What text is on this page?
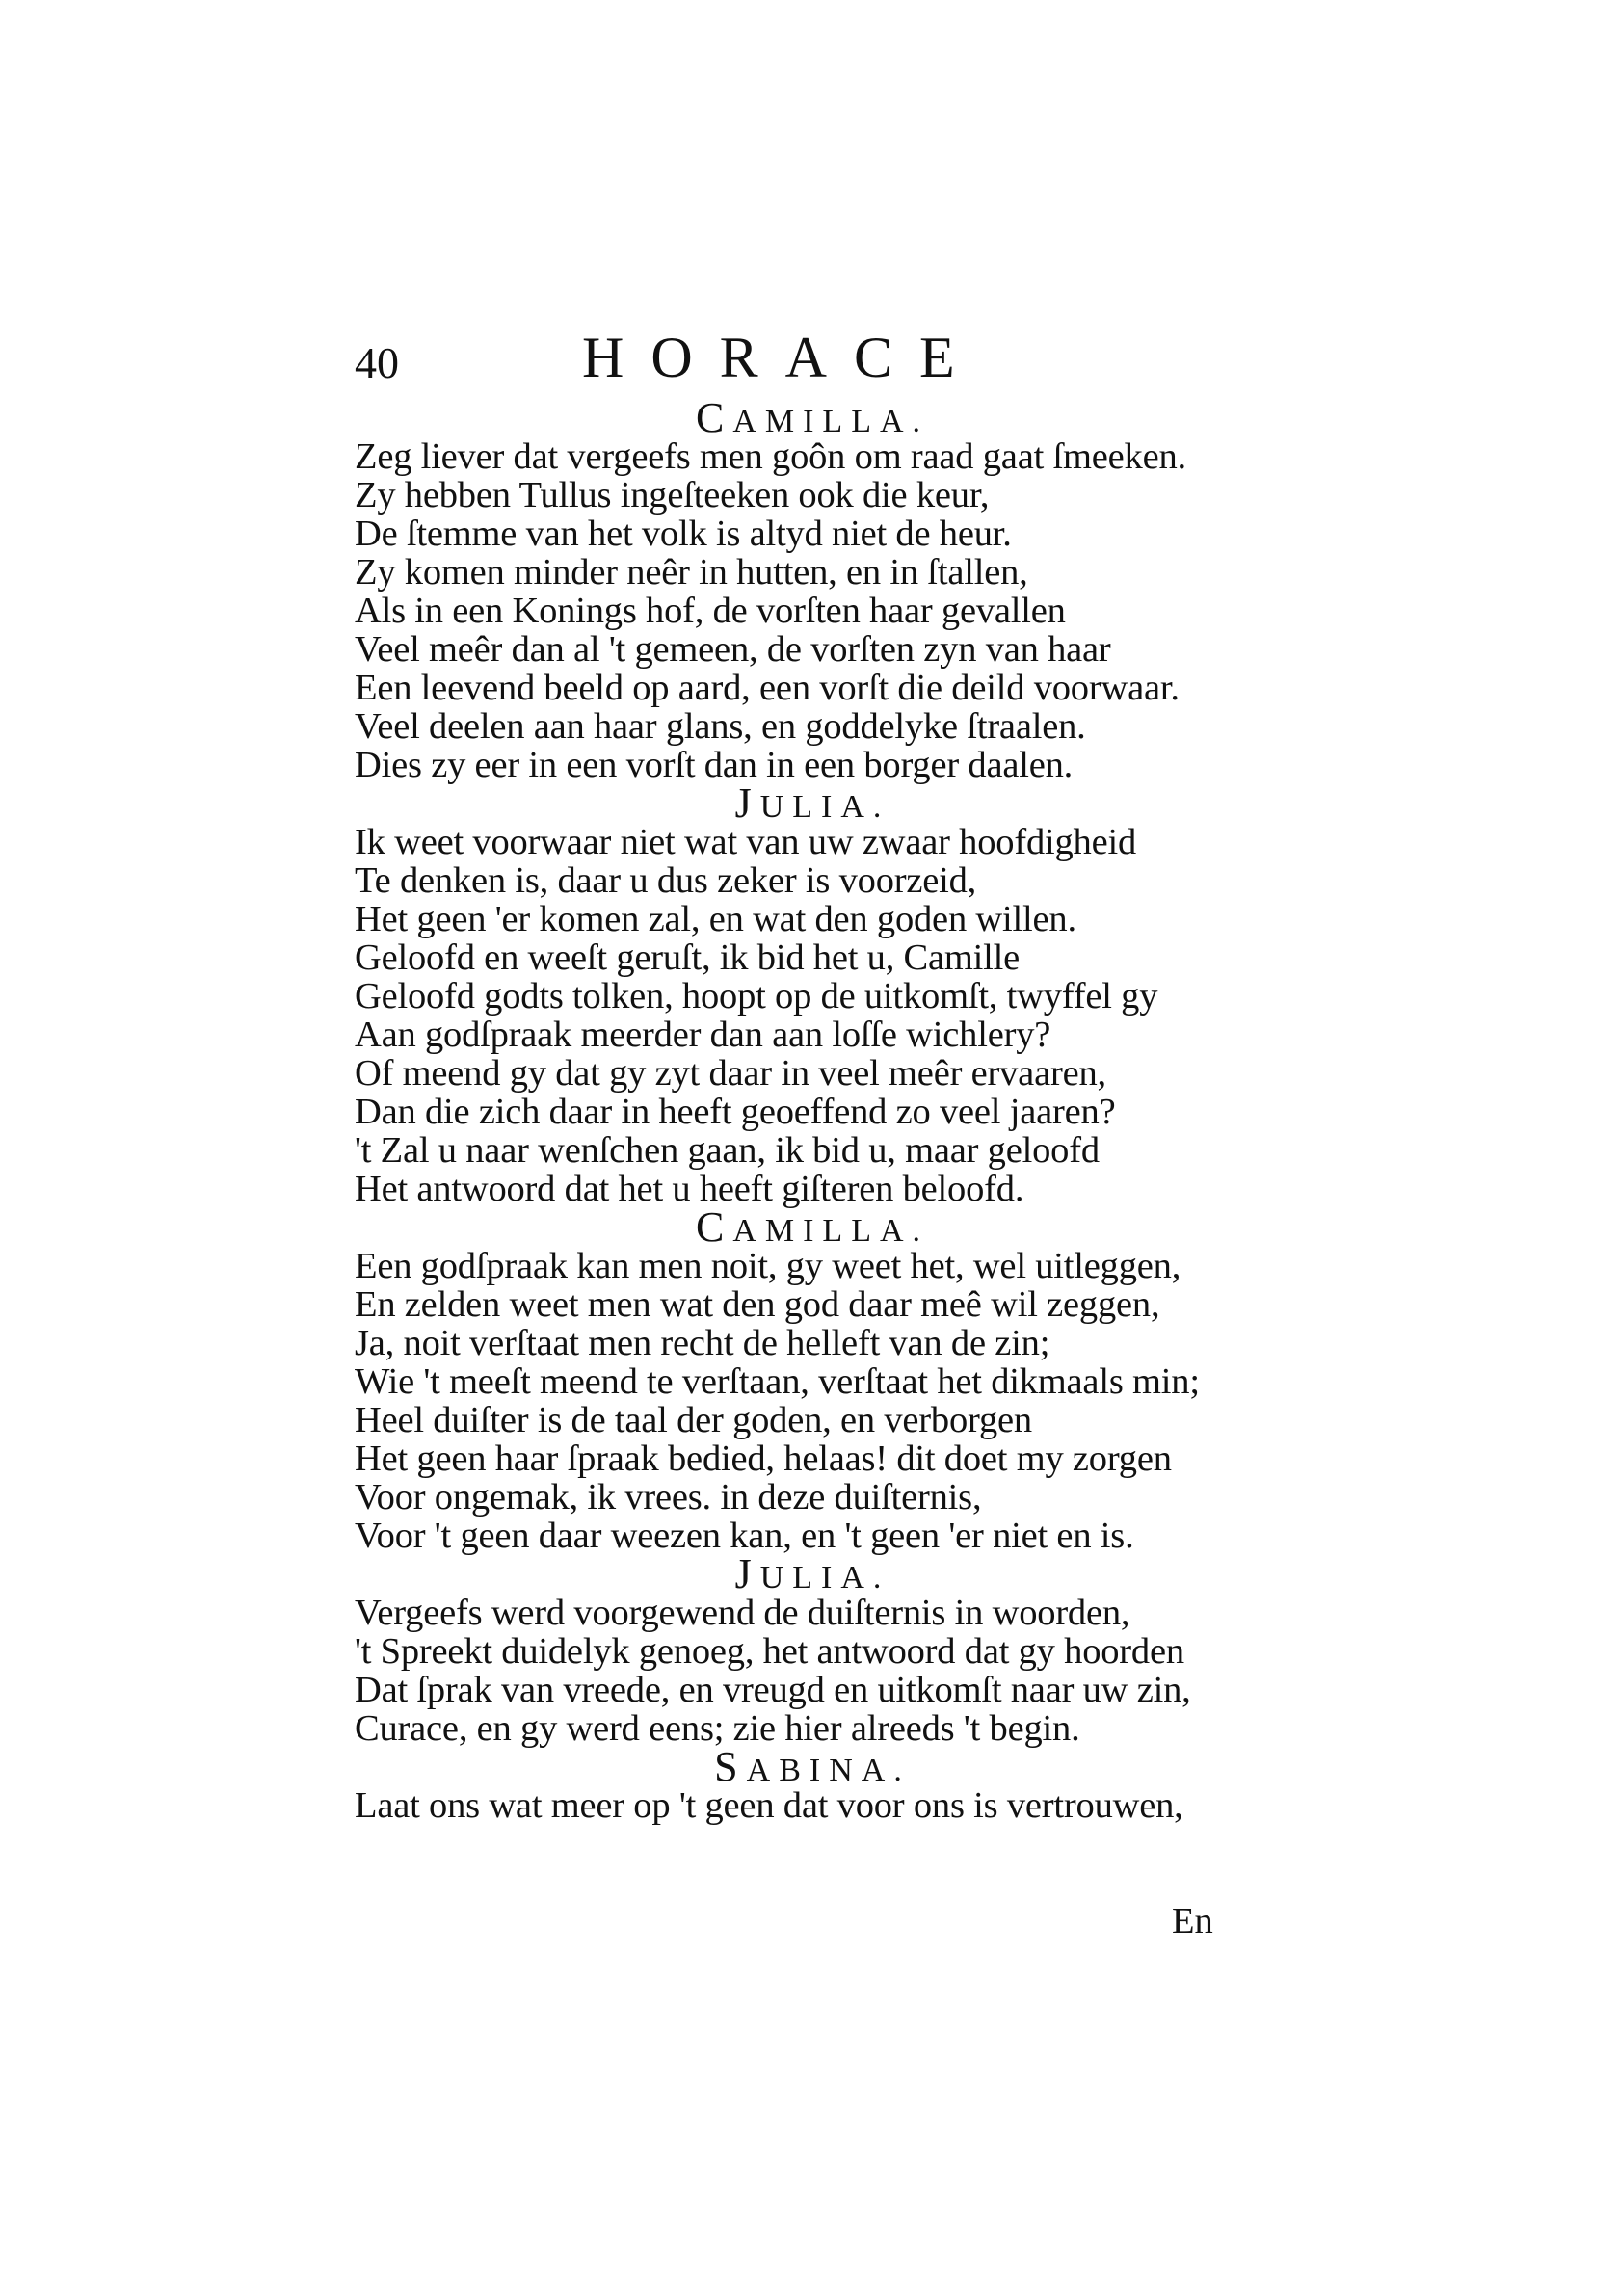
40	HORACE
CAMILLA.
Zeg liever dat vergeefs men goôn om raad gaat ſmeeken.
Zy hebben Tullus ingeſteeken ook die keur,
De ſtemme van het volk is altyd niet de heur.
Zy komen minder neêr in hutten, en in ſtallen,
Als in een Konings hof, de vorſten haar gevallen
Veel meêr dan al 't gemeen, de vorſten zyn van haar
Een leevend beeld op aard, een vorſt die deild voorwaar.
Veel deelen aan haar glans, en goddelyke ſtraalen.
Dies zy eer in een vorſt dan in een borger daalen.
JULIA.
Ik weet voorwaar niet wat van uw zwaar hoofdigheid
Te denken is, daar u dus zeker is voorzeid,
Het geen 'er komen zal, en wat den goden willen.
Geloofd en weeſt geruſt, ik bid het u, Camille
Geloofd godts tolken, hoopt op de uitkomſt, twyffel gy
Aan godſpraak meerder dan aan loſſe wichlery?
Of meend gy dat gy zyt daar in veel meêr ervaaren,
Dan die zich daar in heeft geoeffend zo veel jaaren?
't Zal u naar wenſchen gaan, ik bid u, maar geloofd
Het antwoord dat het u heeft giſteren beloofd.
CAMILLA.
Een godſpraak kan men noit, gy weet het, wel uitleggen,
En zelden weet men wat den god daar meê wil zeggen,
Ja, noit verſtaat men recht de helleft van de zin;
Wie 't meeſt meend te verſtaan, verſtaat het dikmaals min;
Heel duiſter is de taal der goden, en verborgen
Het geen haar ſpraak bedied, helaas! dit doet my zorgen
Voor ongemak, ik vrees. in deze duiſternis,
Voor 't geen daar weezen kan, en 't geen 'er niet en is.
JULIA.
Vergeefs werd voorgewend de duiſternis in woorden,
't Spreekt duidelyk genoeg, het antwoord dat gy hoorden
Dat ſprak van vreede, en vreugd en uitkomſt naar uw zin,
Curace, en gy werd eens; zie hier alreeds 't begin.
SABINA.
Laat ons wat meer op 't geen dat voor ons is vertrouwen,
En
